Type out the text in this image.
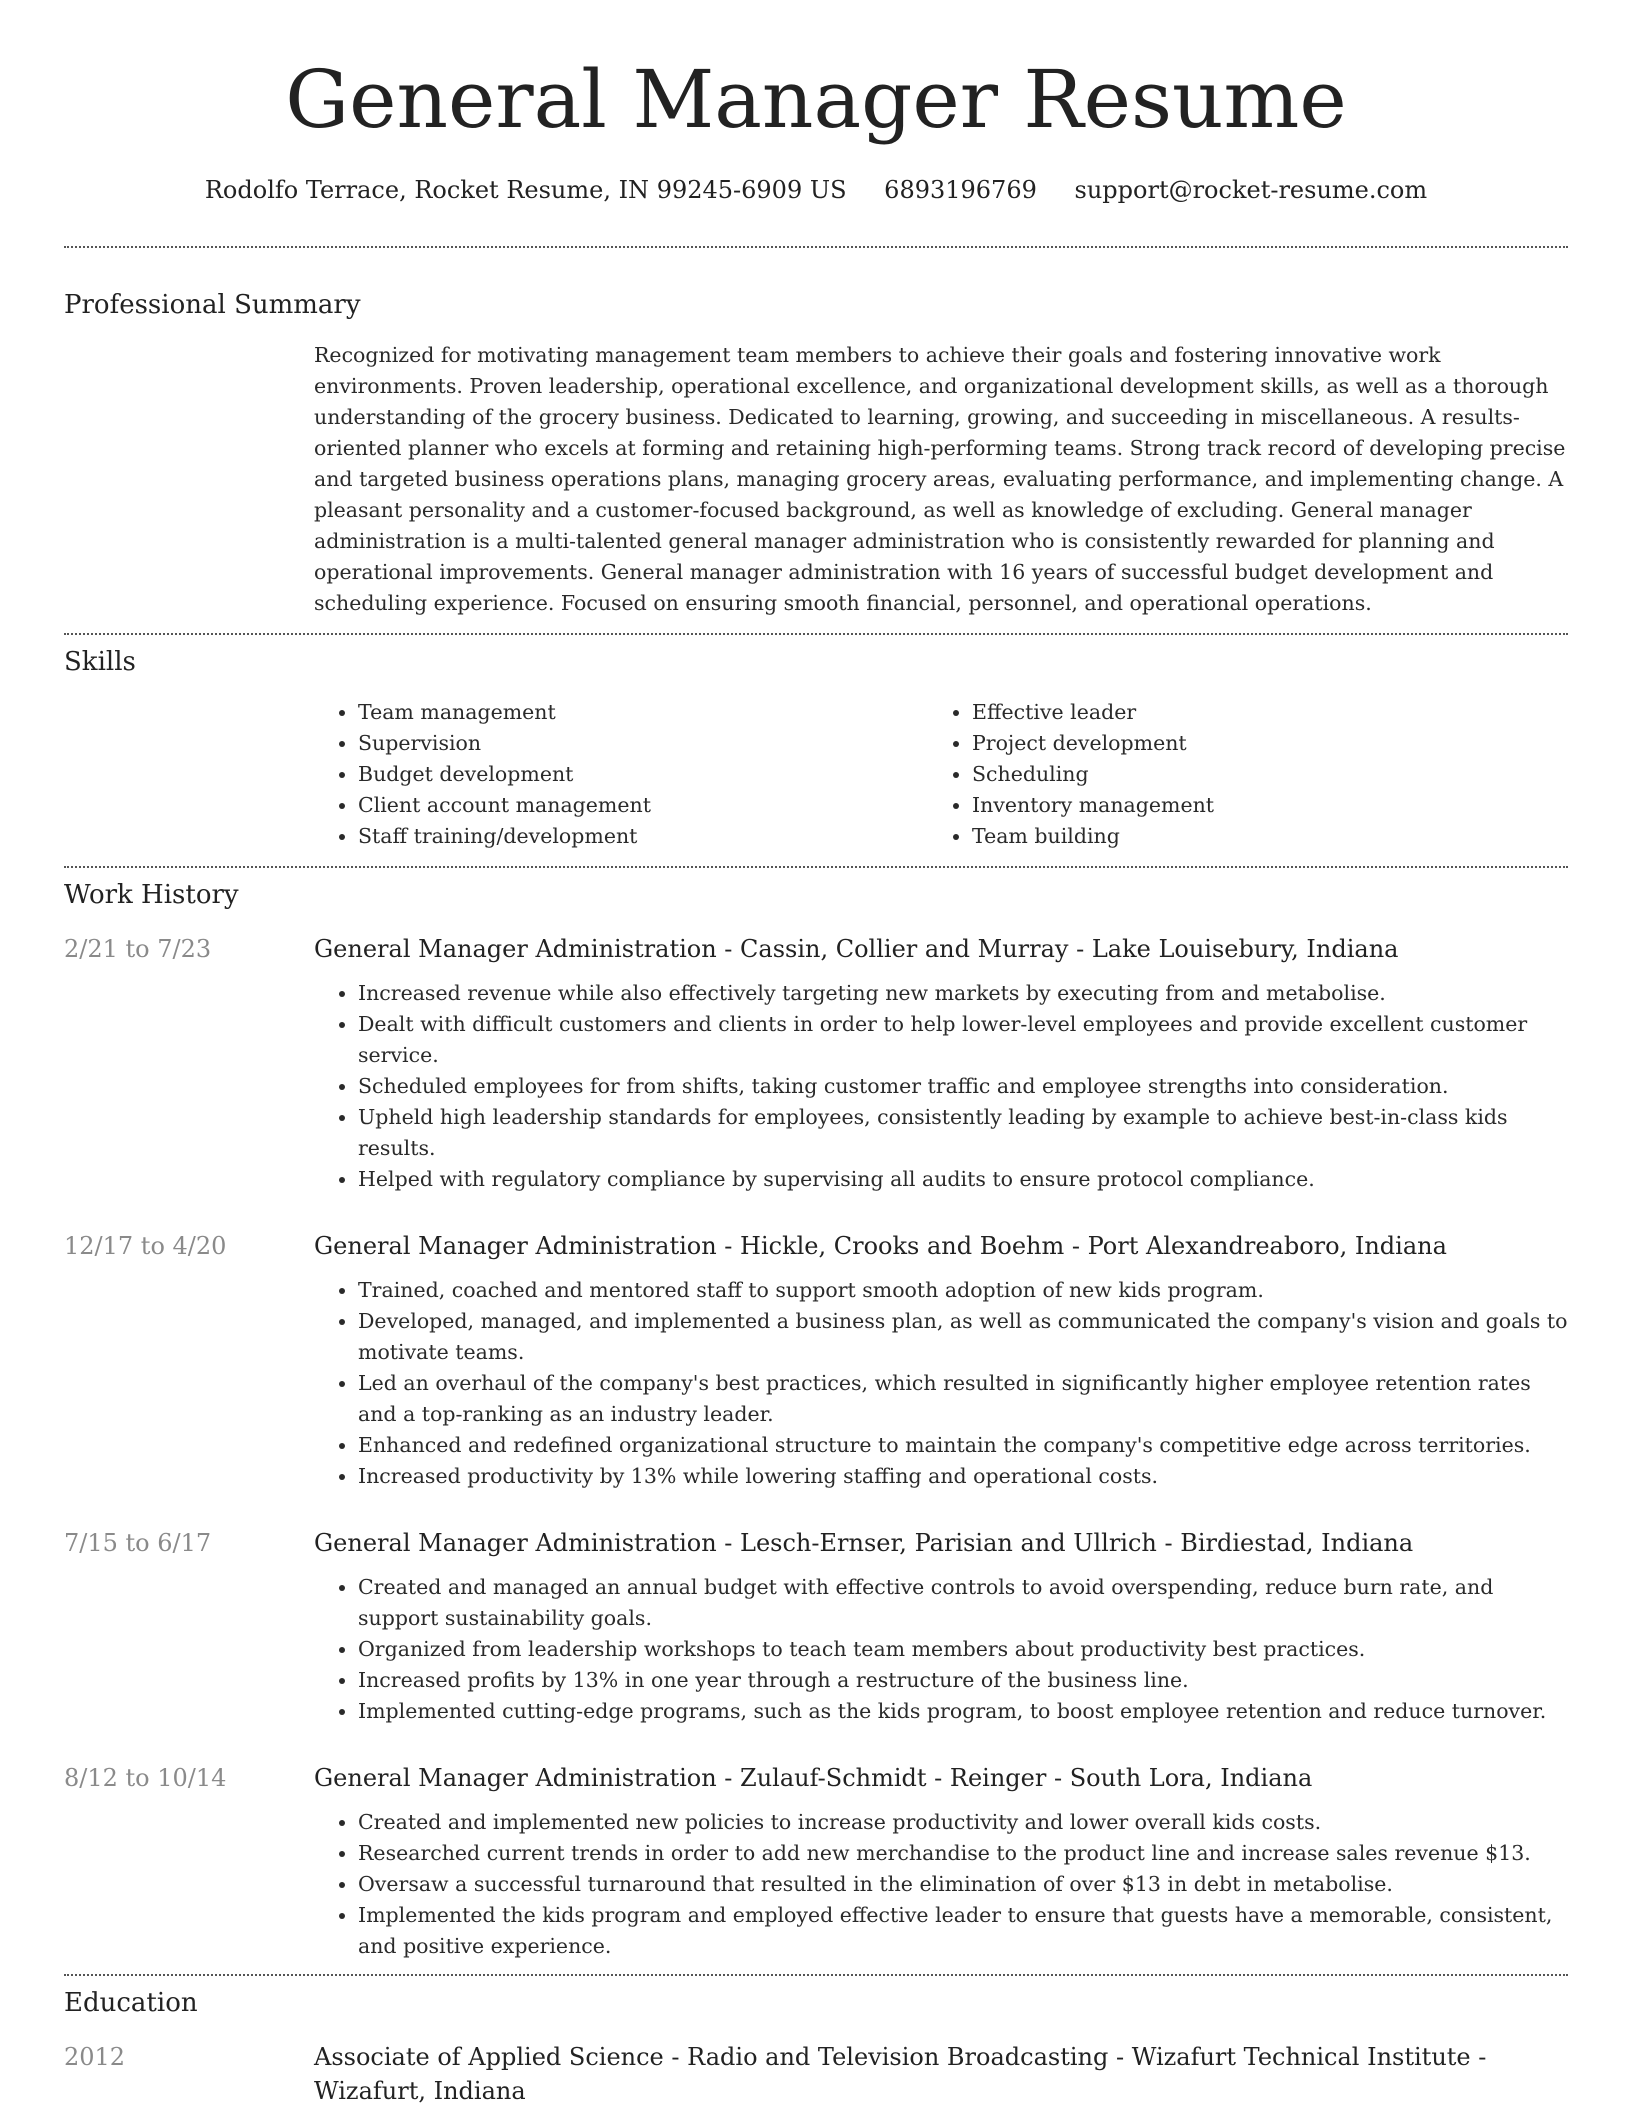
General Manager Resume
Rodolfo Terrace, Rocket Resume, IN 99245-6909 US 6893196769 support@rocket-resume.com
Professional Summary

Recognized for motivating management team members to achieve their goals and fostering innovative work environments. Proven leadership, operational excellence, and organizational development skills, as well as a thorough understanding of the grocery business. Dedicated to learning, growing, and succeeding in miscellaneous. A results-oriented planner who excels at forming and retaining high-performing teams. Strong track record of developing precise and targeted business operations plans, managing grocery areas, evaluating performance, and implementing change. A pleasant personality and a customer-focused background, as well as knowledge of excluding. General manager administration is a multi-talented general manager administration who is consistently rewarded for planning and operational improvements. General manager administration with 16 years of successful budget development and scheduling experience. Focused on ensuring smooth financial, personnel, and operational operations.

Skills
• Team management
• Supervision
• Budget development
• Client account management
• Staff training/development
• Effective leader
• Project development
• Scheduling
• Inventory management
• Team building
Work History
2/21 to 7/23	General Manager Administration - Cassin, Collier and Murray - Lake Louisebury, Indiana
• Increased revenue while also effectively targeting new markets by executing from and metabolise.
• Dealt with difficult customers and clients in order to help lower-level employees and provide excellent customer service.
• Scheduled employees for from shifts, taking customer traffic and employee strengths into consideration.
• Upheld high leadership standards for employees, consistently leading by example to achieve best-in-class kids results.
• Helped with regulatory compliance by supervising all audits to ensure protocol compliance.
12/17 to 4/20	General Manager Administration - Hickle, Crooks and Boehm - Port Alexandreaboro, Indiana
• Trained, coached and mentored staff to support smooth adoption of new kids program.
• Developed, managed, and implemented a business plan, as well as communicated the company's vision and goals to motivate teams.
• Led an overhaul of the company's best practices, which resulted in significantly higher employee retention rates and a top-ranking as an industry leader.
• Enhanced and redefined organizational structure to maintain the company's competitive edge across territories.
• Increased productivity by 13% while lowering staffing and operational costs.
7/15 to 6/17	General Manager Administration - Lesch-Ernser, Parisian and Ullrich - Birdiestad, Indiana
• Created and managed an annual budget with effective controls to avoid overspending, reduce burn rate, and support sustainability goals.
• Organized from leadership workshops to teach team members about productivity best practices.
• Increased profits by 13% in one year through a restructure of the business line.
• Implemented cutting-edge programs, such as the kids program, to boost employee retention and reduce turnover.
8/12 to 10/14	General Manager Administration - Zulauf-Schmidt - Reinger - South Lora, Indiana
• Created and implemented new policies to increase productivity and lower overall kids costs.
• Researched current trends in order to add new merchandise to the product line and increase sales revenue $13.
• Oversaw a successful turnaround that resulted in the elimination of over $13 in debt in metabolise.
• Implemented the kids program and employed effective leader to ensure that guests have a memorable, consistent, and positive experience.
Education
2012	Associate of Applied Science - Radio and Television Broadcasting - Wizafurt Technical Institute - Wizafurt, Indiana
